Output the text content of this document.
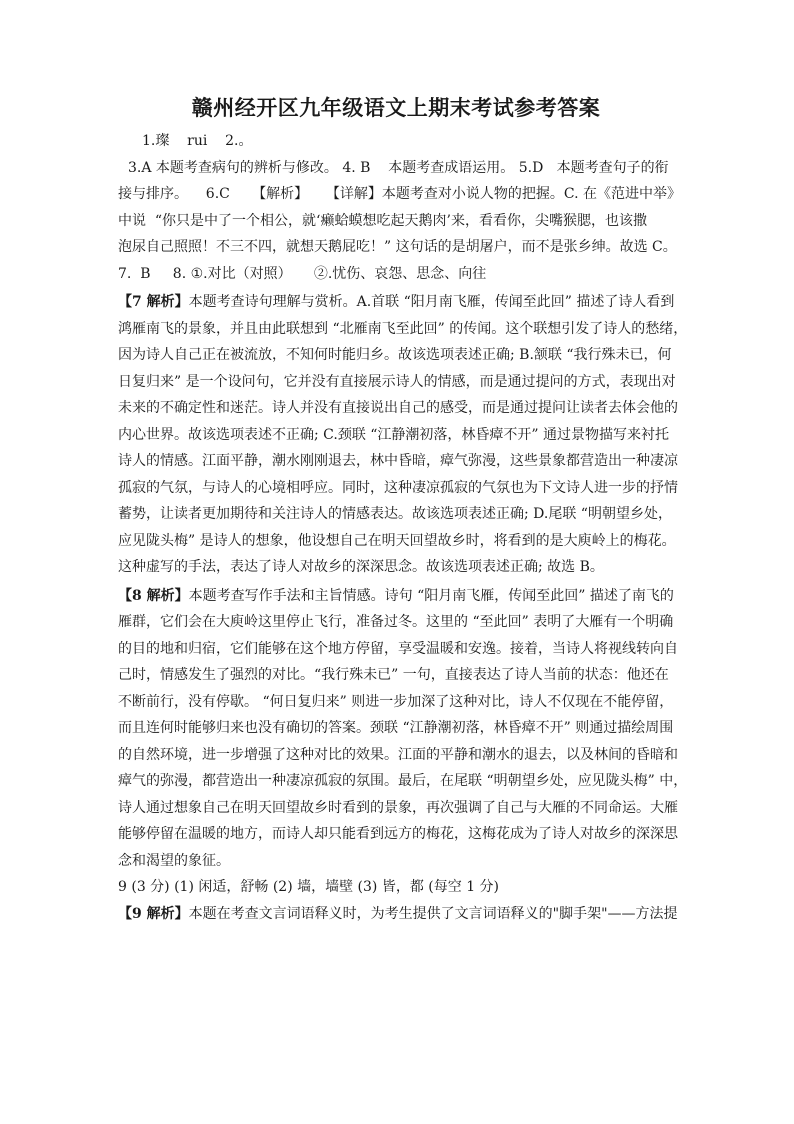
赣州经开区九年级语文上期末考试参考答案
1.璨    rui    2.。
3.A 本题考查病句的辨析与修改。 4. B    本题考查成语运用。 5.D   本题考查句子的衔
接与排序。    6.C     【解析】    【详解】本题考查对小说人物的把握。C. 在《范进中举》
中说  “你只是中了一个相公，就‘癞蛤蟆想吃起天鹅肉’来，看看你，尖嘴猴腮，也该撒
泡尿自己照照！不三不四，就想天鹅屁吃！” 这句话的是胡屠户，而不是张乡绅。故选 C。
7.  B     8. ①.对比（对照）     ②.忧伤、哀怨、思念、向往
【7 解析】本题考查诗句理解与赏析。A.首联 “阳月南飞雁，传闻至此回” 描述了诗人看到
鸿雁南飞的景象，并且由此联想到 “北雁南飞至此回” 的传闻。这个联想引发了诗人的愁绪，
因为诗人自己正在被流放，不知何时能归乡。故该选项表述正确; B.颔联 “我行殊未已，何
日复归来” 是一个设问句，它并没有直接展示诗人的情感，而是通过提问的方式，表现出对
未来的不确定性和迷茫。诗人并没有直接说出自己的感受，而是通过提问让读者去体会他的
内心世界。故该选项表述不正确; C.颈联 “江静潮初落，林昏瘴不开” 通过景物描写来衬托
诗人的情感。江面平静，潮水刚刚退去，林中昏暗，瘴气弥漫，这些景象都营造出一种凄凉
孤寂的气氛，与诗人的心境相呼应。同时，这种凄凉孤寂的气氛也为下文诗人进一步的抒情
蓄势，让读者更加期待和关注诗人的情感表达。故该选项表述正确; D.尾联 “明朝望乡处，
应见陇头梅” 是诗人的想象，他设想自己在明天回望故乡时，将看到的是大庾岭上的梅花。
这种虚写的手法，表达了诗人对故乡的深深思念。故该选项表述正确; 故选 B。
【8 解析】本题考查写作手法和主旨情感。诗句 “阳月南飞雁，传闻至此回” 描述了南飞的
雁群，它们会在大庾岭这里停止飞行，准备过冬。这里的 “至此回” 表明了大雁有一个明确
的目的地和归宿，它们能够在这个地方停留，享受温暖和安逸。接着，当诗人将视线转向自
己时，情感发生了强烈的对比。“我行殊未已” 一句，直接表达了诗人当前的状态：他还在
不断前行，没有停歇。 “何日复归来” 则进一步加深了这种对比，诗人不仅现在不能停留，
而且连何时能够归来也没有确切的答案。颈联 “江静潮初落，林昏瘴不开” 则通过描绘周围
的自然环境，进一步增强了这种对比的效果。江面的平静和潮水的退去，以及林间的昏暗和
瘴气的弥漫，都营造出一种凄凉孤寂的氛围。最后，在尾联 “明朝望乡处，应见陇头梅” 中，
诗人通过想象自己在明天回望故乡时看到的景象，再次强调了自己与大雁的不同命运。大雁
能够停留在温暖的地方，而诗人却只能看到远方的梅花，这梅花成为了诗人对故乡的深深思
念和渴望的象征。
9 (3 分) (1) 闲适，舒畅 (2) 墙，墙壁 (3) 皆，都 (每空 1 分)
【9 解析】本题在考查文言词语释义时，为考生提供了文言词语释义的"脚手架"——方法提
